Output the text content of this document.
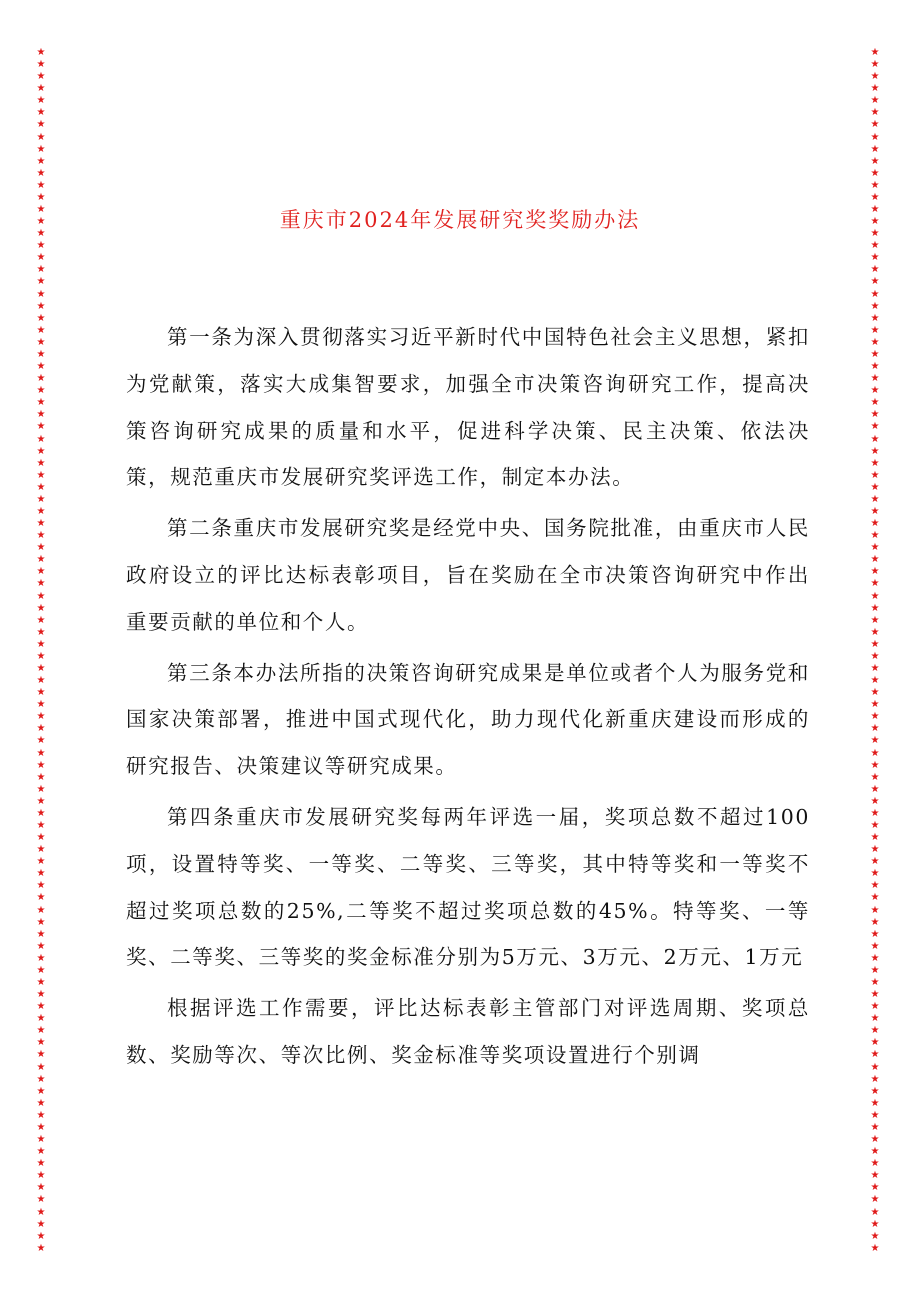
★
★
★
★
★
★
★
★
★
★
★
★
★
★
★
★
★
★
★
★
★
★
★
★
★
★
★
★
★
★
★
★
★
★
★
★
★
★
★
★
★
★
★
★
★
★
★
★
★
★
★
★
★
★
★
★
★
★
★
★
★
★
★
★
★
★
★
★
★
★
★
★
★
★
★
★
★
★
★
★
★
★
★
★
★
★
★
★
★
★
★
★
★
★
★
★
★
★
★
★
★
★
★
★
★
★
★
★
★
★
★
★
★
★
★
★
★
★
★
★
★
★
★
★
★
★
★
★
★
★
★
★
★
★
★
★
★
★
★
★
★
★
★
★
★
★
★
★
★
★
★
★
★
★
★
★
★
★
★
★
★
★
★
★
★
★
★
★
★
★
★
★
★
★
★
★
★
★
★
★
★
★
★
★
★
★
★
★
★
★
★
★
★
★
★
★
★
★
★
★
重庆市2024年发展研究奖奖励办法

第一条为深入贯彻落实习近平新时代中国特色社会主义思想，紧扣为党献策，落实大成集智要求，加强全市决策咨询研究工作，提高决策咨询研究成果的质量和水平，促进科学决策、民主决策、依法决策，规范重庆市发展研究奖评选工作，制定本办法。

第二条重庆市发展研究奖是经党中央、国务院批准，由重庆市人民政府设立的评比达标表彰项目，旨在奖励在全市决策咨询研究中作出重要贡献的单位和个人。

第三条本办法所指的决策咨询研究成果是单位或者个人为服务党和国家决策部署，推进中国式现代化，助力现代化新重庆建设而形成的研究报告、决策建议等研究成果。

第四条重庆市发展研究奖每两年评选一届，奖项总数不超过100项，设置特等奖、一等奖、二等奖、三等奖，其中特等奖和一等奖不超过奖项总数的25%,二等奖不超过奖项总数的45%。特等奖、一等奖、二等奖、三等奖的奖金标准分别为5万元、3万元、2万元、1万元

根据评选工作需要，评比达标表彰主管部门对评选周期、奖项总数、奖励等次、等次比例、奖金标准等奖项设置进行个别调
